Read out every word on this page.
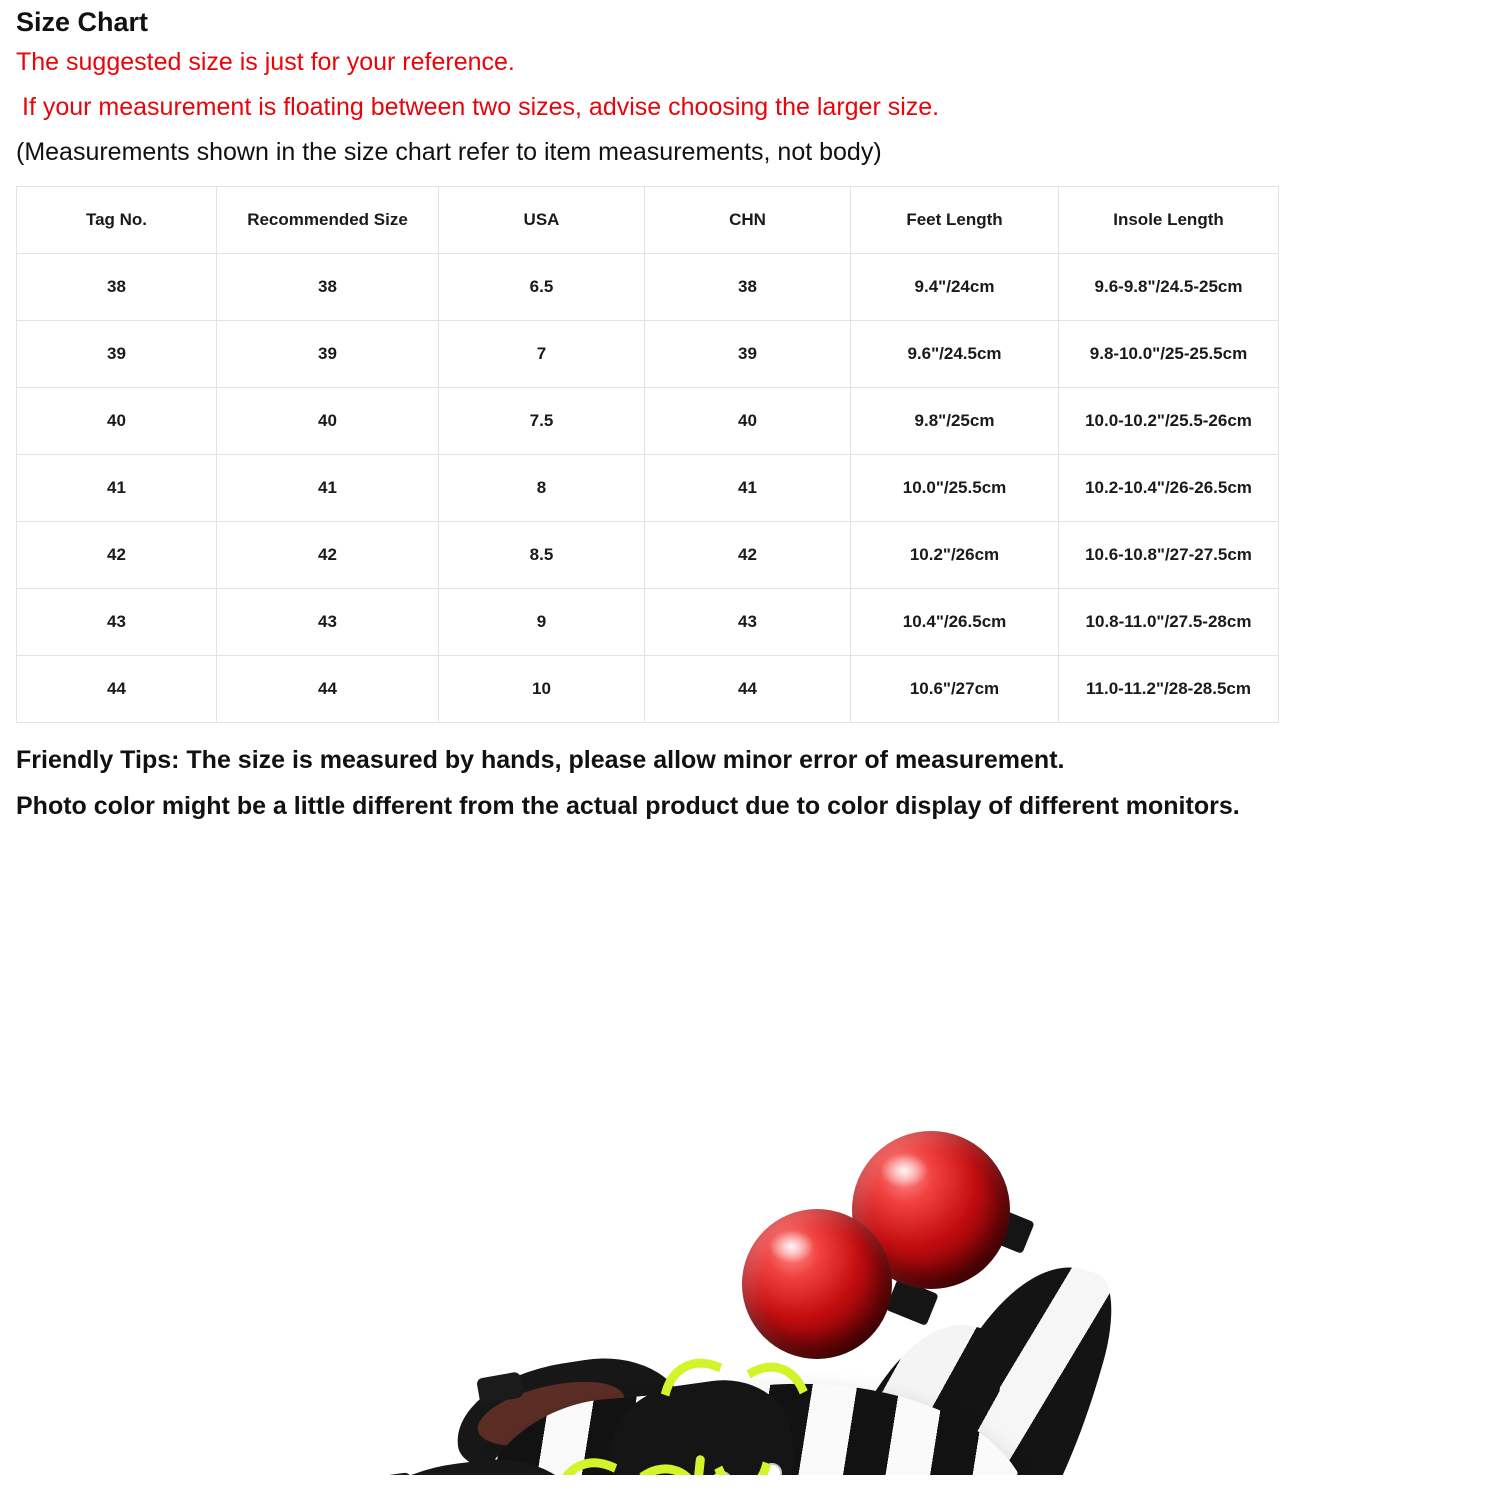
Size Chart
The suggested size is just for your reference.
If your measurement is floating between two sizes, advise choosing the larger size.
(Measurements shown in the size chart refer to item measurements, not body)
Tag No.	Recommended Size	USA	CHN	Feet Length	Insole Length
38	38	6.5	38	9.4"/24cm	9.6-9.8"/24.5-25cm
39	39	7	39	9.6"/24.5cm	9.8-10.0"/25-25.5cm
40	40	7.5	40	9.8"/25cm	10.0-10.2"/25.5-26cm
41	41	8	41	10.0"/25.5cm	10.2-10.4"/26-26.5cm
42	42	8.5	42	10.2"/26cm	10.6-10.8"/27-27.5cm
43	43	9	43	10.4"/26.5cm	10.8-11.0"/27.5-28cm
44	44	10	44	10.6"/27cm	11.0-11.2"/28-28.5cm
Friendly Tips: The size is measured by hands, please allow minor error of measurement.
Photo color might be a little different from the actual product due to color display of different monitors.
